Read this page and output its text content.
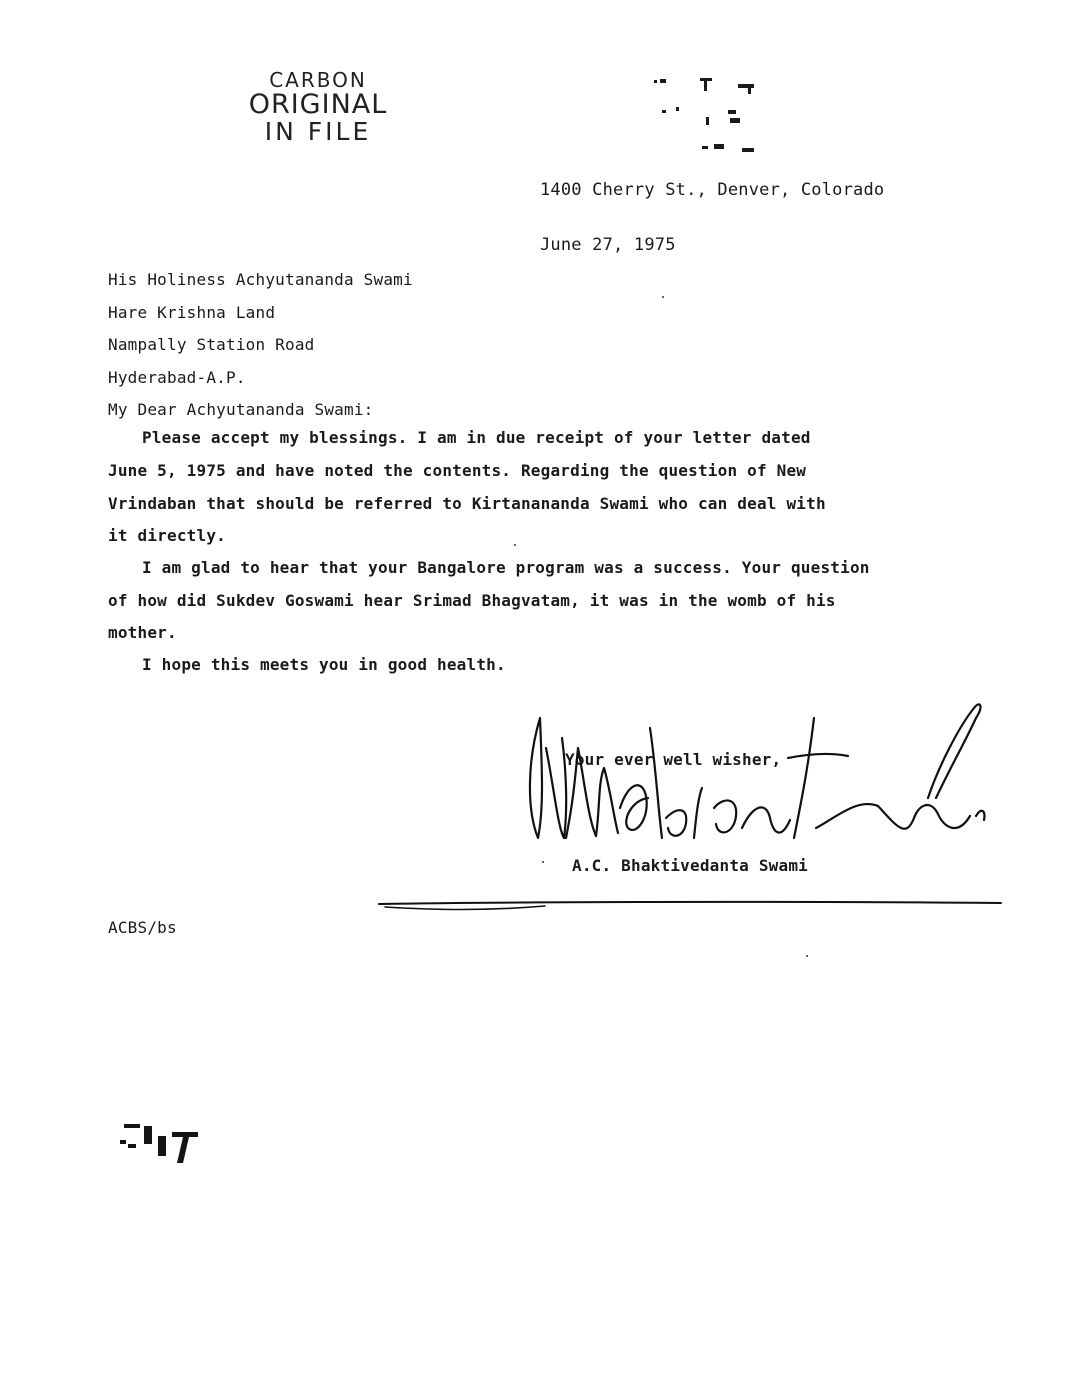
CARBON
ORIGINAL
IN FILE
1400 Cherry St., Denver, Colorado
June 27, 1975
His Holiness Achyutananda Swami
Hare Krishna Land
Nampally Station Road
Hyderabad-A.P.
My Dear Achyutananda Swami:
Please accept my blessings. I am in due receipt of your letter dated
June 5, 1975 and have noted the contents. Regarding the question of New
Vrindaban that should be referred to Kirtanananda Swami who can deal with
it directly.
I am glad to hear that your Bangalore program was a success. Your question
of how did Sukdev Goswami hear Srimad Bhagvatam, it was in the womb of his
mother.
I hope this meets you in good health.
Your ever well wisher,
A.C. Bhaktivedanta Swami
ACBS/bs
